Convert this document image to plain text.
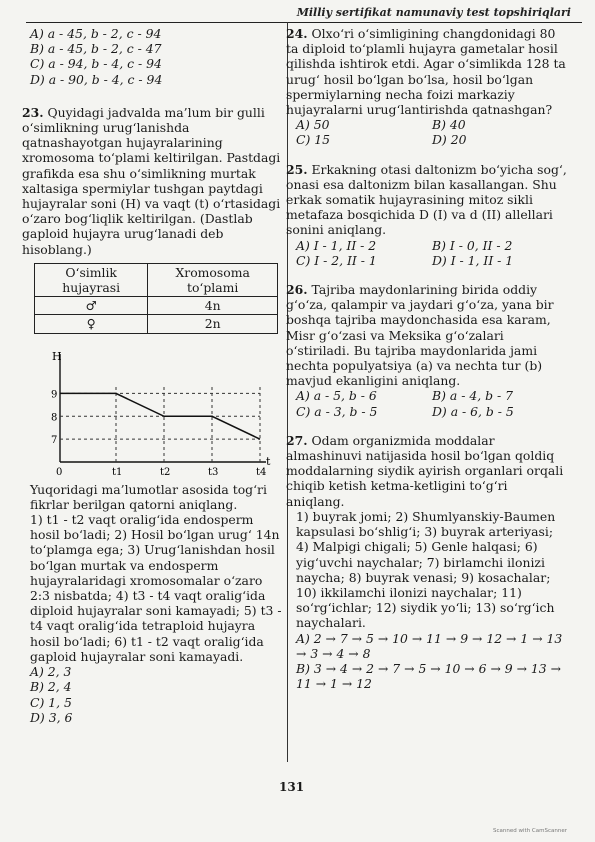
Milliy sertifikat namunaviy test topshiriqlari
A) a - 45, b - 2, c - 94
B) a - 45, b - 2, c - 47
C) a - 94, b - 4, c - 94
D) a - 90, b - 4, c - 94

23. Quyidagi jadvalda ma’lum bir gulli o‘simlikning urug‘lanishda qatnashayotgan hujayralarining xromosoma to‘plami keltirilgan. Pastdagi grafikda esa shu o‘simlikning murtak xaltasiga spermiylar tushgan paytdagi hujayralar soni (H) va vaqt (t) o‘rtasidagi o‘zaro bog‘liqlik keltirilgan. (Dastlab gaploid hujayra urug‘lanadi deb hisoblang.)

O‘simlik hujayrasi	Xromosoma to‘plami
♂	4n
♀	2n
H
t
9
8
7
0	t1	t2	t3	t4

Yuqoridagi ma’lumotlar asosida tog‘ri fikrlar berilgan qatorni aniqlang.

1) t1 - t2 vaqt oralig‘ida endosperm hosil bo‘ladi; 2) Hosil bo‘lgan urug‘ 14n to‘plamga ega; 3) Urug‘lanishdan hosil bo‘lgan murtak va endosperm hujayralaridagi xromosomalar o‘zaro 2:3 nisbatda; 4) t3 - t4 vaqt oralig‘ida diploid hujayralar soni kamayadi; 5) t3 - t4 vaqt oralig‘ida tetraploid hujayra hosil bo‘ladi; 6) t1 - t2 vaqt oralig‘ida gaploid hujayralar soni kamayadi.

A) 2, 3
B) 2, 4
C) 1, 5
D) 3, 6

24. Olxo‘ri o‘simligining changdonidagi 80 ta diploid to‘plamli hujayra gametalar hosil qilishda ishtirok etdi. Agar o‘simlikda 128 ta urug‘ hosil bo‘lgan bo‘lsa, hosil bo‘lgan spermiylarning necha foizi markaziy hujayralarni urug‘lantirishda qatnashgan?

A) 50	B) 40
C) 15	D) 20

25. Erkakning otasi daltonizm bo‘yicha sog‘, onasi esa daltonizm bilan kasallangan. Shu erkak somatik hujayrasining mitoz sikli metafaza bosqichida D (I) va d (II) allellari sonini aniqlang.

A) I - 1, II - 2	B) I - 0, II - 2
C) I - 2, II - 1	D) I - 1, II - 1

26. Tajriba maydonlarining birida oddiy g‘o‘za, qalampir va jaydari g‘o‘za, yana bir boshqa tajriba maydonchasida esa karam, Misr g‘o‘zasi va Meksika g‘o‘zalari o‘stiriladi. Bu tajriba maydonlarida jami nechta populyatsiya (a) va nechta tur (b) mavjud ekanligini aniqlang.

A) a - 5, b - 6	B) a - 4, b - 7
C) a - 3, b - 5	D) a - 6, b - 5

27. Odam organizmida moddalar almashinuvi natijasida hosil bo‘lgan qoldiq moddalarning siydik ayirish organlari orqali chiqib ketish ketma-ketligini to‘g‘ri aniqlang.

1) buyrak jomi; 2) Shumlyanskiy-Baumen kapsulasi bo‘shlig‘i; 3) buyrak arteriyasi; 4) Malpigi chigali; 5) Genle halqasi; 6) yig‘uvchi naychalar; 7) birlamchi ilonizi naycha; 8) buyrak venasi; 9) kosachalar; 10) ikkilamchi ilonizi naychalar; 11) so‘rg‘ichlar; 12) siydik yo‘li; 13) so‘rg‘ich naychalari.

A) 2 → 7 → 5 → 10 → 11 → 9 → 12 → 1 → 13 → 3 → 4 → 8
B) 3 → 4 → 2 → 7 → 5 → 10 → 6 → 9 → 13 → 11 → 1 → 12
131
Scanned with CamScanner
